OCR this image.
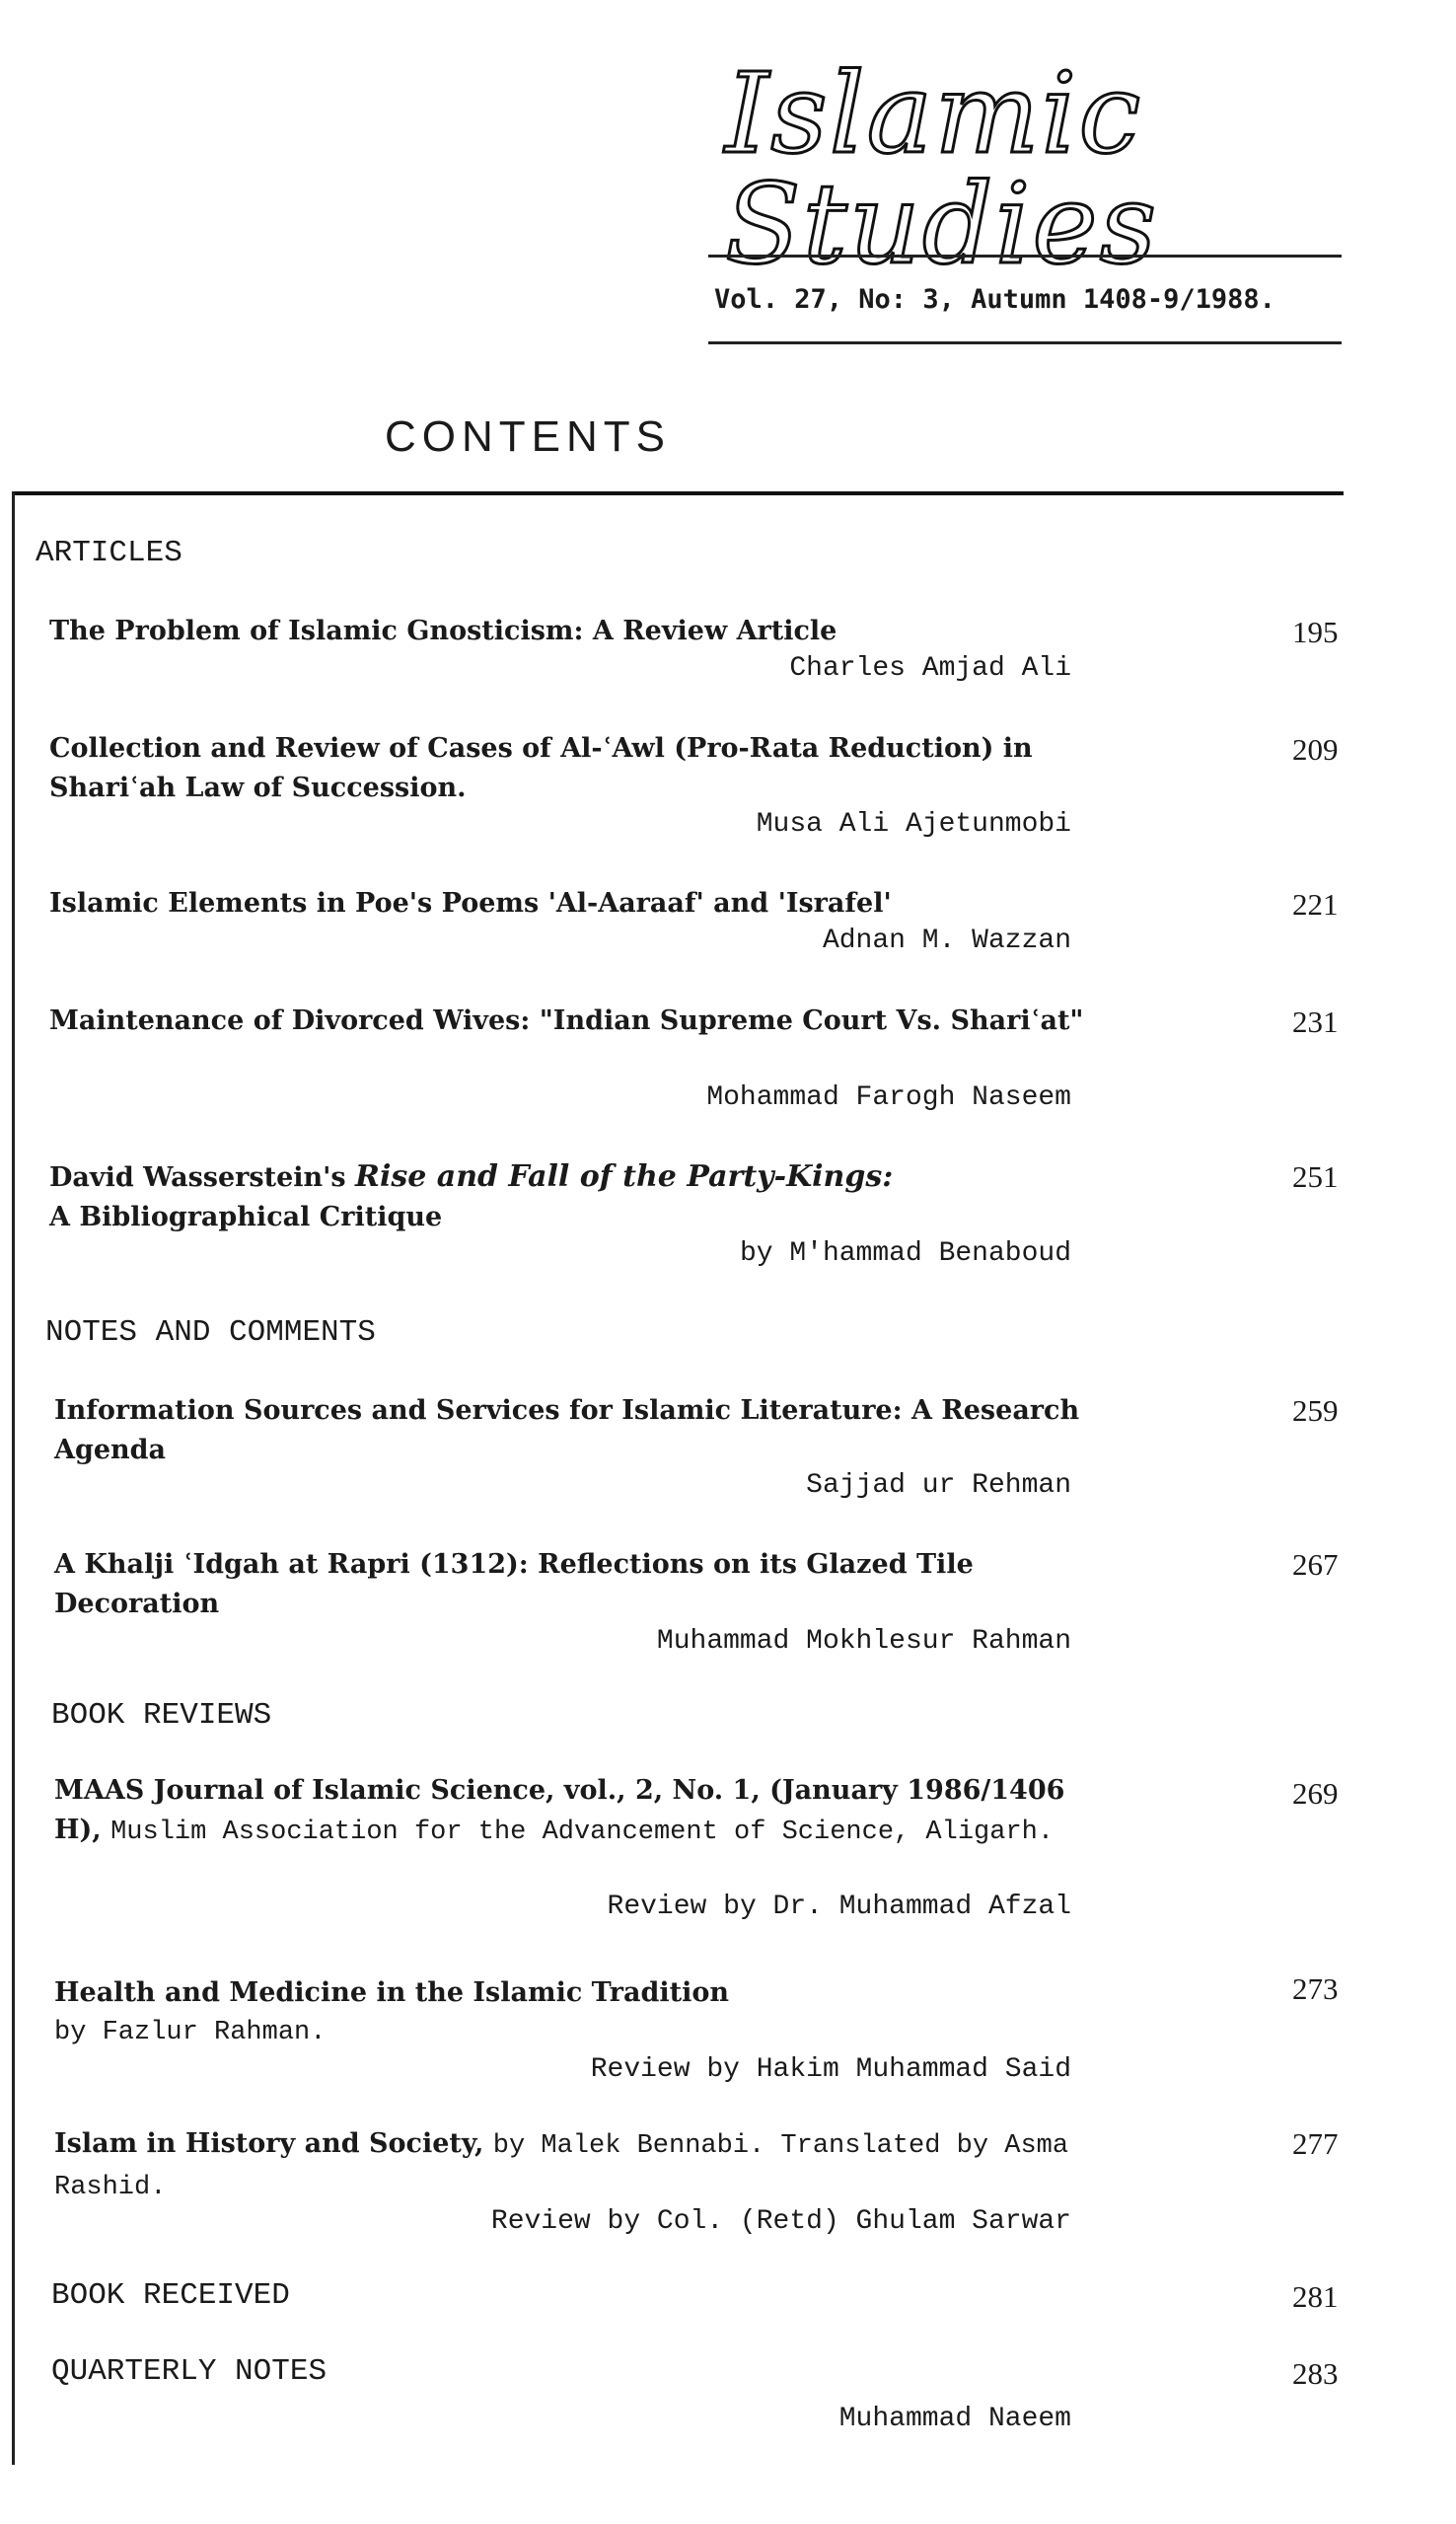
Islamic Studies
Vol. 27, No: 3, Autumn 1408-9/1988.
CONTENTS
ARTICLES
The Problem of Islamic Gnosticism: A Review Article
Charles Amjad Ali
195
Collection and Review of Cases of Al-ʿAwl (Pro-Rata Reduction) in Shariʿah Law of Succession.
Musa Ali Ajetunmobi
209
Islamic Elements in Poe's Poems 'Al-Aaraaf' and 'Israfel'
Adnan M. Wazzan
221
Maintenance of Divorced Wives: "Indian Supreme Court Vs. Shariʿat"
Mohammad Farogh Naseem
231
David Wasserstein's Rise and Fall of the Party-Kings:
A Bibliographical Critique
by M'hammad Benaboud
251
NOTES AND COMMENTS
Information Sources and Services for Islamic Literature: A Research Agenda
Sajjad ur Rehman
259
A Khalji ʿIdgah at Rapri (1312): Reflections on its Glazed Tile Decoration
Muhammad Mokhlesur Rahman
267
BOOK REVIEWS
MAAS Journal of Islamic Science, vol., 2, No. 1, (January 1986/1406 H), Muslim Association for the Advancement of Science, Aligarh.
Review by Dr. Muhammad Afzal
269
Health and Medicine in the Islamic Tradition
by Fazlur Rahman.
Review by Hakim Muhammad Said
273
Islam in History and Society, by Malek Bennabi. Translated by Asma Rashid.
Review by Col. (Retd) Ghulam Sarwar
277
BOOK RECEIVED	281
QUARTERLY NOTES
Muhammad Naeem
283
